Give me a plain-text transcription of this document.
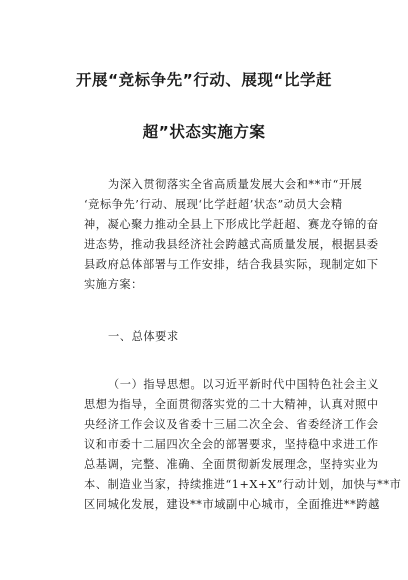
开展“竞标争先”行动、展现“比学赶
超”状态实施方案
为深入贯彻落实全省高质量发展大会和**市“开展
‘竞标争先’行动、展现‘比学赶超’状态”动员大会精
神，凝心聚力推动全县上下形成比学赶超、赛龙夺锦的奋
进态势，推动我县经济社会跨越式高质量发展，根据县委
县政府总体部署与工作安排，结合我县实际，现制定如下
实施方案：
一、总体要求
（一）指导思想。以习近平新时代中国特色社会主义
思想为指导，全面贯彻落实党的二十大精神，认真对照中
央经济工作会议及省委十三届二次全会、省委经济工作会
议和市委十二届四次全会的部署要求，坚持稳中求进工作
总基调，完整、准确、全面贯彻新发展理念，坚持实业为
本、制造业当家，持续推进“1+X+X”行动计划，加快与**市
区同城化发展，建设**市域副中心城市，全面推进**跨越
